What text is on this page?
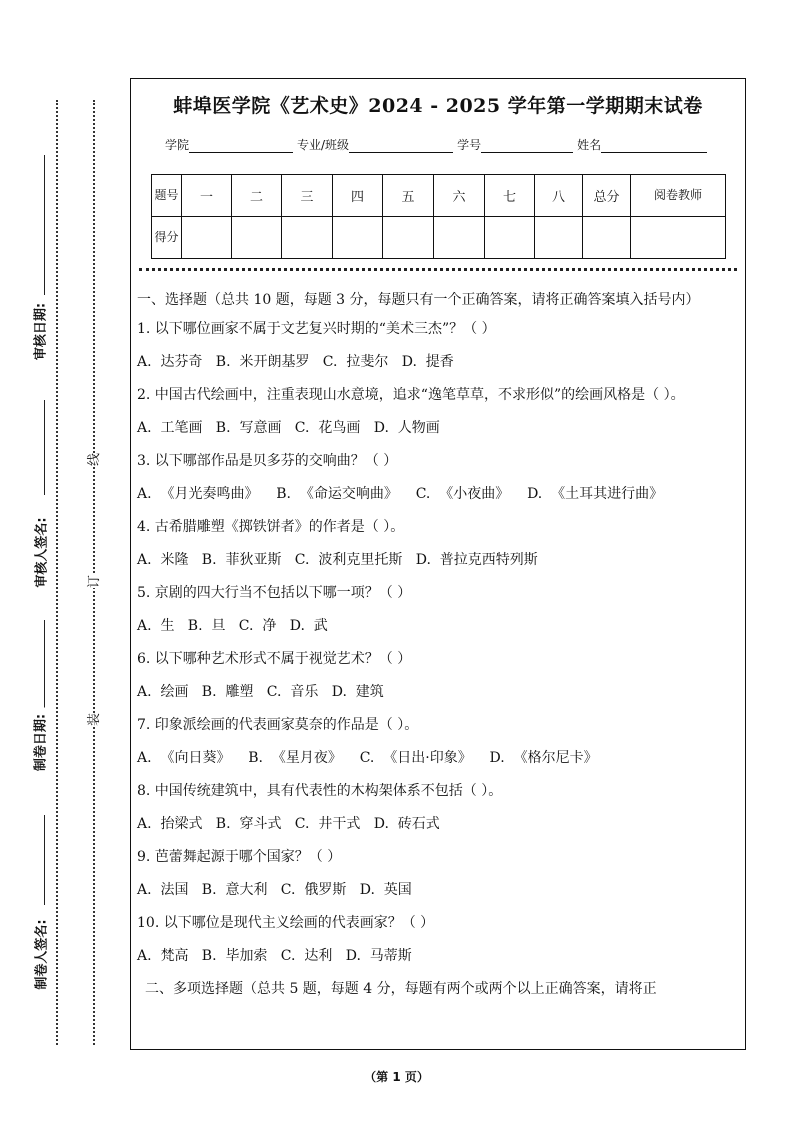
审核日期:
审核人签名:
制卷日期:
制卷人签名:
线
订
装
蚌埠医学院《艺术史》2024 - 2025 学年第一学期期末试卷
学院	专业/班级	学号	姓名
题号	一	二	三	四	五	六	七	八	总分	阅卷教师
得分										
一、选择题（总共 10 题，每题 3 分，每题只有一个正确答案，请将正确答案填入括号内）
1. 以下哪位画家不属于文艺复兴时期的“美术三杰”？（ ）
A.  达芬奇   B.  米开朗基罗   C.  拉斐尔   D.  提香
2. 中国古代绘画中，注重表现山水意境，追求“逸笔草草，不求形似”的绘画风格是（ ）。
A.  工笔画   B.  写意画   C.  花鸟画   D.  人物画
3. 以下哪部作品是贝多芬的交响曲？（ ）
A.  《月光奏鸣曲》    B.  《命运交响曲》    C.  《小夜曲》    D.  《土耳其进行曲》
4. 古希腊雕塑《掷铁饼者》的作者是（ ）。
A.  米隆   B.  菲狄亚斯   C.  波利克里托斯   D.  普拉克西特列斯
5. 京剧的四大行当不包括以下哪一项？（ ）
A.  生   B.  旦   C.  净   D.  武
6. 以下哪种艺术形式不属于视觉艺术？（ ）
A.  绘画   B.  雕塑   C.  音乐   D.  建筑
7. 印象派绘画的代表画家莫奈的作品是（ ）。
A.  《向日葵》    B.  《星月夜》    C.  《日出·印象》    D.  《格尔尼卡》
8. 中国传统建筑中，具有代表性的木构架体系不包括（ ）。
A.  抬梁式   B.  穿斗式   C.  井干式   D.  砖石式
9. 芭蕾舞起源于哪个国家？（ ）
A.  法国   B.  意大利   C.  俄罗斯   D.  英国
10. 以下哪位是现代主义绘画的代表画家？（ ）
A.  梵高   B.  毕加索   C.  达利   D.  马蒂斯
二、多项选择题（总共 5 题，每题 4 分，每题有两个或两个以上正确答案，请将正
（第 1 页）
